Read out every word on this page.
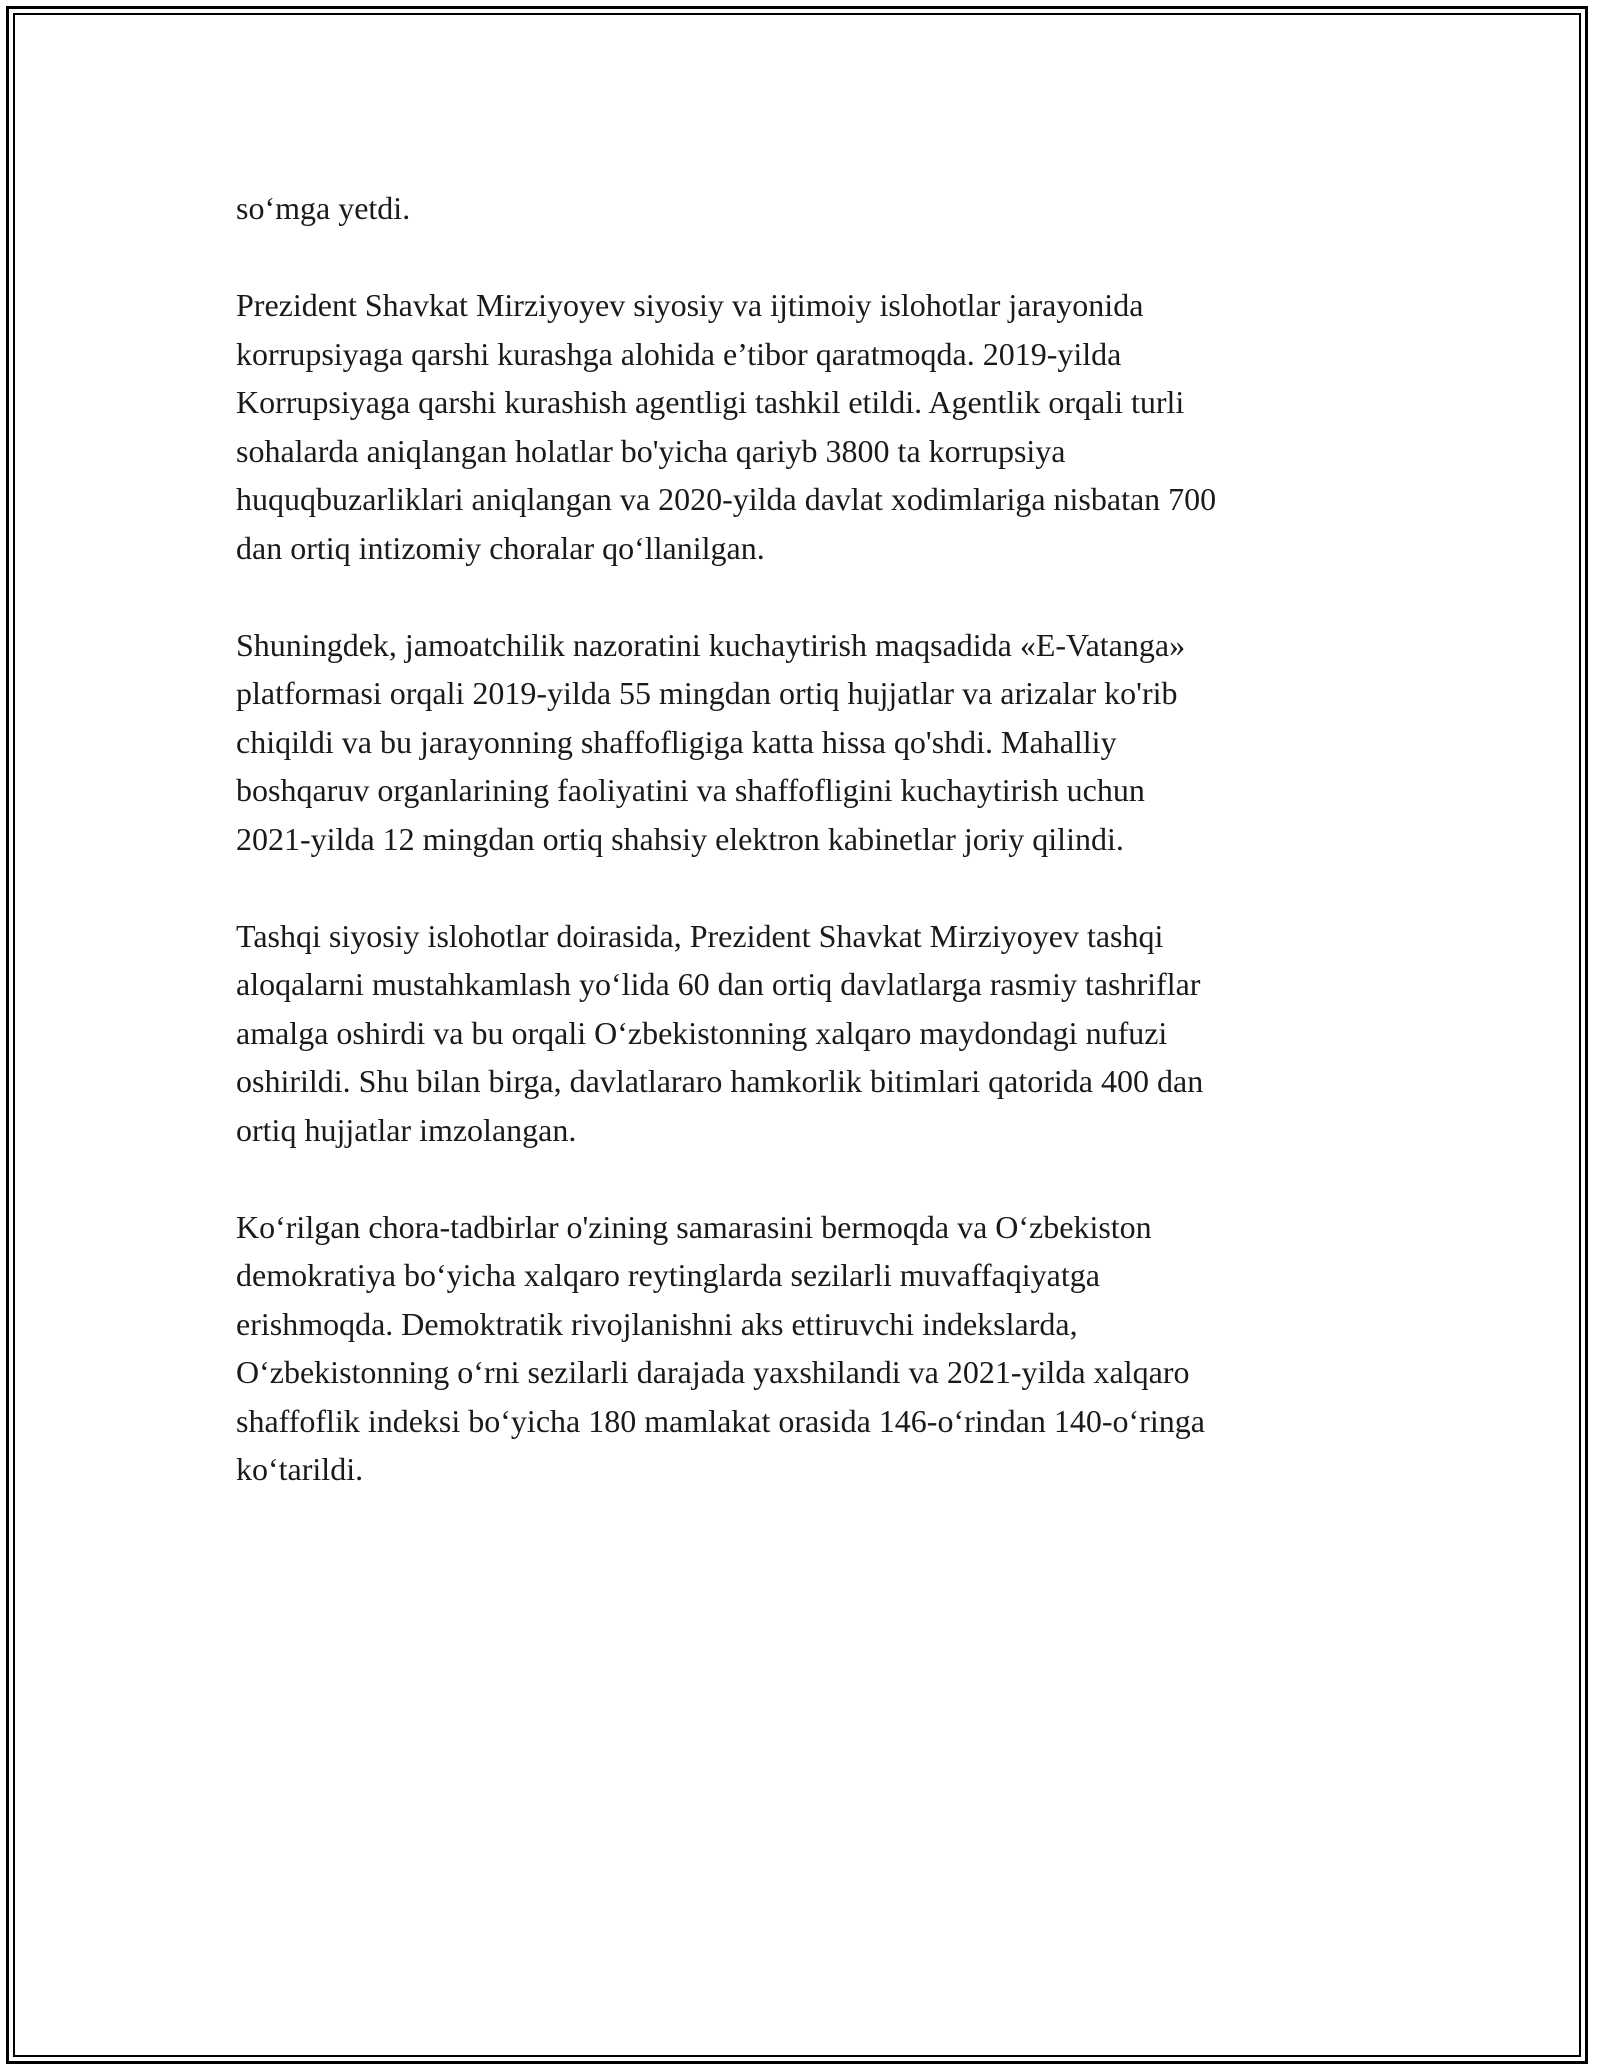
so‘mga yetdi.

Prezident Shavkat Mirziyoyev siyosiy va ijtimoiy islohotlar jarayonida
korrupsiyaga qarshi kurashga alohida e’tibor qaratmoqda. 2019-yilda
Korrupsiyaga qarshi kurashish agentligi tashkil etildi. Agentlik orqali turli
sohalarda aniqlangan holatlar bo'yicha qariyb 3800 ta korrupsiya
huquqbuzarliklari aniqlangan va 2020-yilda davlat xodimlariga nisbatan 700
dan ortiq intizomiy choralar qo‘llanilgan.

Shuningdek, jamoatchilik nazoratini kuchaytirish maqsadida «E-Vatanga»
platformasi orqali 2019-yilda 55 mingdan ortiq hujjatlar va arizalar ko'rib
chiqildi va bu jarayonning shaffofligiga katta hissa qo'shdi. Mahalliy
boshqaruv organlarining faoliyatini va shaffofligini kuchaytirish uchun
2021-yilda 12 mingdan ortiq shahsiy elektron kabinetlar joriy qilindi.

Tashqi siyosiy islohotlar doirasida, Prezident Shavkat Mirziyoyev tashqi
aloqalarni mustahkamlash yo‘lida 60 dan ortiq davlatlarga rasmiy tashriflar
amalga oshirdi va bu orqali O‘zbekistonning xalqaro maydondagi nufuzi
oshirildi. Shu bilan birga, davlatlararo hamkorlik bitimlari qatorida 400 dan
ortiq hujjatlar imzolangan.

Ko‘rilgan chora-tadbirlar o'zining samarasini bermoqda va O‘zbekiston
demokratiya bo‘yicha xalqaro reytinglarda sezilarli muvaffaqiyatga
erishmoqda. Demoktratik rivojlanishni aks ettiruvchi indekslarda,
O‘zbekistonning o‘rni sezilarli darajada yaxshilandi va 2021-yilda xalqaro
shaffoflik indeksi bo‘yicha 180 mamlakat orasida 146-o‘rindan 140-o‘ringa
ko‘tarildi.
